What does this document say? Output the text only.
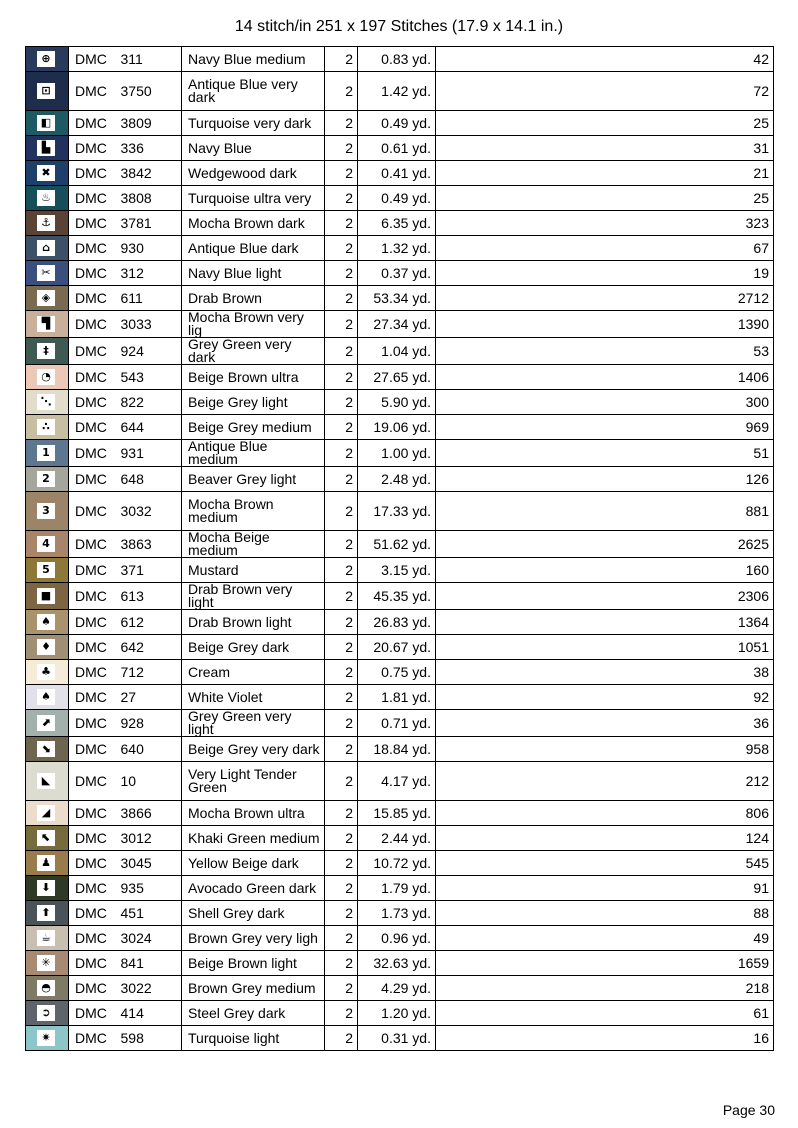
14 stitch/in 251 x 197 Stitches (17.9 x 14.1 in.)
⊕	DMC	311	Navy Blue medium	2	0.83 yd.	42

⊡	DMC	3750	Antique Blue very dark	2	1.42 yd.	72

◧	DMC	3809	Turquoise very dark	2	0.49 yd.	25

▙	DMC	336	Navy Blue	2	0.61 yd.	31

✖	DMC	3842	Wedgewood dark	2	0.41 yd.	21

♨	DMC	3808	Turquoise ultra very	2	0.49 yd.	25

⚓	DMC	3781	Mocha Brown dark	2	6.35 yd.	323

⌂	DMC	930	Antique Blue dark	2	1.32 yd.	67

✂	DMC	312	Navy Blue light	2	0.37 yd.	19

◈	DMC	611	Drab Brown	2	53.34 yd.	2712

▜	DMC	3033	Mocha Brown very lig	2	27.34 yd.	1390

‡	DMC	924	Grey Green very dark	2	1.04 yd.	53

◔	DMC	543	Beige Brown ultra	2	27.65 yd.	1406

⋱	DMC	822	Beige Grey light	2	5.90 yd.	300

∴	DMC	644	Beige Grey medium	2	19.06 yd.	969

1	DMC	931	Antique Blue medium	2	1.00 yd.	51

2	DMC	648	Beaver Grey light	2	2.48 yd.	126

3	DMC	3032	Mocha Brown medium	2	17.33 yd.	881

4	DMC	3863	Mocha Beige medium	2	51.62 yd.	2625

5	DMC	371	Mustard	2	3.15 yd.	160

■	DMC	613	Drab Brown very light	2	45.35 yd.	2306

♠	DMC	612	Drab Brown light	2	26.83 yd.	1364

♦	DMC	642	Beige Grey dark	2	20.67 yd.	1051

♣	DMC	712	Cream	2	0.75 yd.	38

♠	DMC	27	White Violet	2	1.81 yd.	92

⬈	DMC	928	Grey Green very light	2	0.71 yd.	36

⬊	DMC	640	Beige Grey very dark	2	18.84 yd.	958

◣	DMC	10	Very Light Tender Green	2	4.17 yd.	212

◢	DMC	3866	Mocha Brown ultra	2	15.85 yd.	806

⬉	DMC	3012	Khaki Green medium	2	2.44 yd.	124

♟	DMC	3045	Yellow Beige dark	2	10.72 yd.	545

⬇	DMC	935	Avocado Green dark	2	1.79 yd.	91

⬆	DMC	451	Shell Grey dark	2	1.73 yd.	88

☕	DMC	3024	Brown Grey very ligh	2	0.96 yd.	49

✳	DMC	841	Beige Brown light	2	32.63 yd.	1659

◓	DMC	3022	Brown Grey medium	2	4.29 yd.	218

➲	DMC	414	Steel Grey dark	2	1.20 yd.	61

✷	DMC	598	Turquoise light	2	0.31 yd.	16
Page 30
